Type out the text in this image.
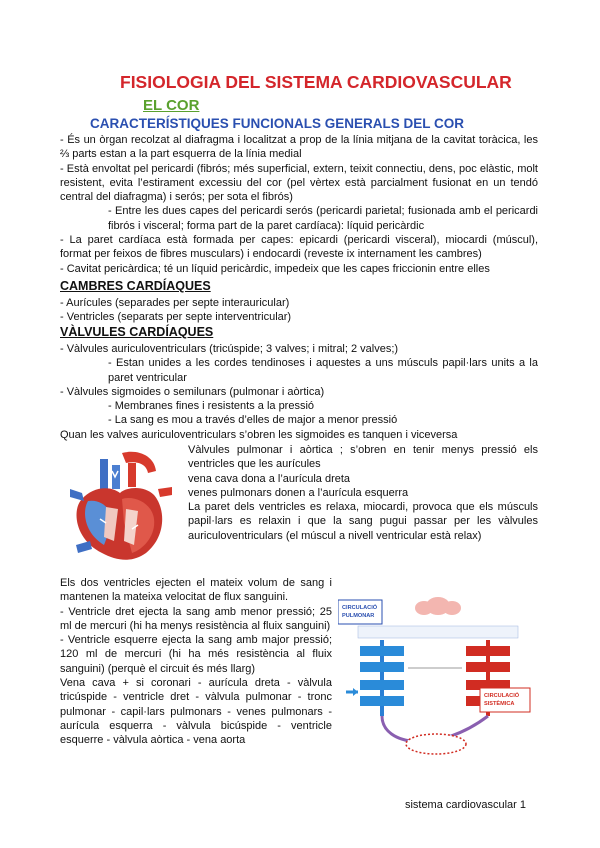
FISIOLOGIA DEL SISTEMA CARDIOVASCULAR
EL COR
CARACTERÍSTIQUES FUNCIONALS GENERALS DEL COR

- És un òrgan recolzat al diafragma i localitzat a prop de la línia mitjana de la cavitat toràcica, les ⅔ parts estan a la part esquerra de la línia medial

- Està envoltat pel pericardi (fibrós; més superficial, extern, teixit connectiu, dens, poc elàstic, molt resistent, evita l’estirament excessiu del cor (pel vèrtex està parcialment fusionat en un tendó central del diafragma) i serós; per sota el fibrós)

- Entre les dues capes del pericardi serós (pericardi parietal; fusionada amb el pericardi fibrós i visceral; forma part de la paret cardíaca): líquid pericàrdic

- La paret cardíaca està formada per capes: epicardi (pericardi visceral), miocardi (múscul), format per feixos de fibres musculars) i endocardi (reveste ix internament les cambres)

- Cavitat pericàrdica; té un líquid pericàrdic, impedeix que les capes friccionin entre elles

CAMBRES CARDÍAQUES

- Aurícules (separades per septe interauricular)

- Ventricles (separats per septe interventricular)

VÀLVULES CARDÍAQUES

- Vàlvules auriculoventriculars (tricúspide; 3 valves; i mitral; 2 valves;)

- Estan unides a les cordes tendinoses i aquestes a uns músculs papil·lars units a la paret ventricular

- Vàlvules sigmoides o semilunars (pulmonar i aòrtica)

- Membranes fines i resistents a la pressió

- La sang es mou a través d’elles de major a menor pressió

Quan les valves auriculoventriculars s’obren les sigmoides es tanquen i viceversa

Vàlvules pulmonar i aòrtica ; s’obren en tenir menys pressió els ventricles que les aurícules

vena cava dona a l’aurícula dreta

venes pulmonars donen a l’aurícula esquerra

La paret dels ventricles es relaxa, miocardi, provoca que els músculs papil·lars es relaxin i que la sang pugui passar per les vàlvules auriculoventriculars (el múscul a nivell ventricular està relax)

Els dos ventricles ejecten el mateix volum de sang i mantenen la mateixa velocitat de flux sanguini.

- Ventricle dret ejecta la sang amb menor pressió; 25 ml de mercuri (hi ha menys resistència al fluix sanguini)

- Ventricle esquerre ejecta la sang amb major pressió; 120 ml de mercuri (hi ha més resistència al fluix sanguini) (perquè el circuit és més llarg)

Vena cava + si coronari - aurícula dreta - vàlvula tricúspide - ventricle dret - vàlvula pulmonar - tronc pulmonar - capil·lars pulmonars - venes pulmonars - aurícula esquerra - vàlvula bicúspide - ventricle esquerre - vàlvula aòrtica - vena aorta

CIRCULACIÓ
PULMONAR
CIRCULACIÓ
SISTÈMICA
sistema cardiovascular 1
